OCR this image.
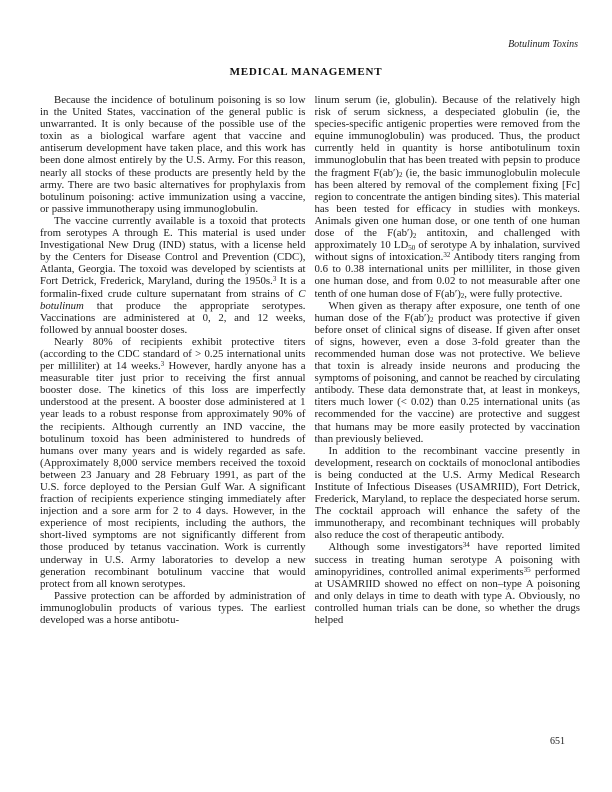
Botulinum Toxins
MEDICAL MANAGEMENT

Because the incidence of botulinum poisoning is so low in the United States, vaccination of the general public is unwarranted. It is only because of the possible use of the toxin as a biological warfare agent that vaccine and antiserum development have taken place, and this work has been done almost entirely by the U.S. Army. For this reason, nearly all stocks of these products are presently held by the army. There are two basic alternatives for prophylaxis from botulinum poisoning: active immunization using a vaccine, or passive immunotherapy using immunoglobulin.

The vaccine currently available is a toxoid that protects from serotypes A through E. This material is used under Investigational New Drug (IND) status, with a license held by the Centers for Disease Control and Prevention (CDC), Atlanta, Georgia. The toxoid was developed by scientists at Fort Detrick, Frederick, Maryland, during the 1950s.$^3$ It is a formalin-fixed crude culture supernatant from strains of C botulinum that produce the appropriate serotypes. Vaccinations are administered at 0, 2, and 12 weeks, followed by annual booster doses.

Nearly 80% of recipients exhibit protective titers (according to the CDC standard of > 0.25 international units per milliliter) at 14 weeks.$^3$ However, hardly anyone has a measurable titer just prior to receiving the first annual booster dose. The kinetics of this loss are imperfectly understood at the present. A booster dose administered at 1 year leads to a robust response from approximately 90% of the recipients. Although currently an IND vaccine, the botulinum toxoid has been administered to hundreds of humans over many years and is widely regarded as safe. (Approximately 8,000 service members received the toxoid between 23 January and 28 February 1991, as part of the U.S. force deployed to the Persian Gulf War. A significant fraction of recipients experience stinging immediately after injection and a sore arm for 2 to 4 days. However, in the experience of most recipients, including the authors, the short-lived symptoms are not significantly different from those produced by tetanus vaccination. Work is currently underway in U.S. Army laboratories to develop a new generation recombinant botulinum vaccine that would protect from all known serotypes.

Passive protection can be afforded by administration of immunoglobulin products of various types. The earliest developed was a horse antibotu-

linum serum (ie, globulin). Because of the relatively high risk of serum sickness, a despeciated globulin (ie, the species-specific antigenic properties were removed from the equine immunoglobulin) was produced. Thus, the product currently held in quantity is horse antibotulinum toxin immunoglobulin that has been treated with pepsin to produce the fragment $F(ab')_2$ (ie, the basic immunoglobulin molecule has been altered by removal of the complement fixing [Fc] region to concentrate the antigen binding sites). This material has been tested for efficacy in studies with monkeys. Animals given one human dose, or one tenth of one human dose of the $F(ab')_2$ antitoxin, and challenged with approximately 10 $LD_{50}$ of serotype A by inhalation, survived without signs of intoxication.$^{32}$ Antibody titers ranging from 0.6 to 0.38 international units per milliliter, in those given one human dose, and from 0.02 to not measurable after one tenth of one human dose of $F(ab')_2$, were fully protective.

When given as therapy after exposure, one tenth of one human dose of the $F(ab')_2$ product was protective if given before onset of clinical signs of disease. If given after onset of signs, however, even a dose 3-fold greater than the recommended human dose was not protective. We believe that toxin is already inside neurons and producing the symptoms of poisoning, and cannot be reached by circulating antibody. These data demonstrate that, at least in monkeys, titers much lower (< 0.02) than 0.25 international units (as recommended for the vaccine) are protective and suggest that humans may be more easily protected by vaccination than previously believed.

In addition to the recombinant vaccine presently in development, research on cocktails of monoclonal antibodies is being conducted at the U.S. Army Medical Research Institute of Infectious Diseases (USAMRIID), Fort Detrick, Frederick, Maryland, to replace the despeciated horse serum. The cocktail approach will enhance the safety of the immunotherapy, and recombinant techniques will probably also reduce the cost of therapeutic antibody.

Although some investigators$^{34}$ have reported limited success in treating human serotype A poisoning with aminopyridines, controlled animal experiments$^{35}$ performed at USAMRIID showed no effect on non–type A poisoning and only delays in time to death with type A. Obviously, no controlled human trials can be done, so whether the drugs helped

651
